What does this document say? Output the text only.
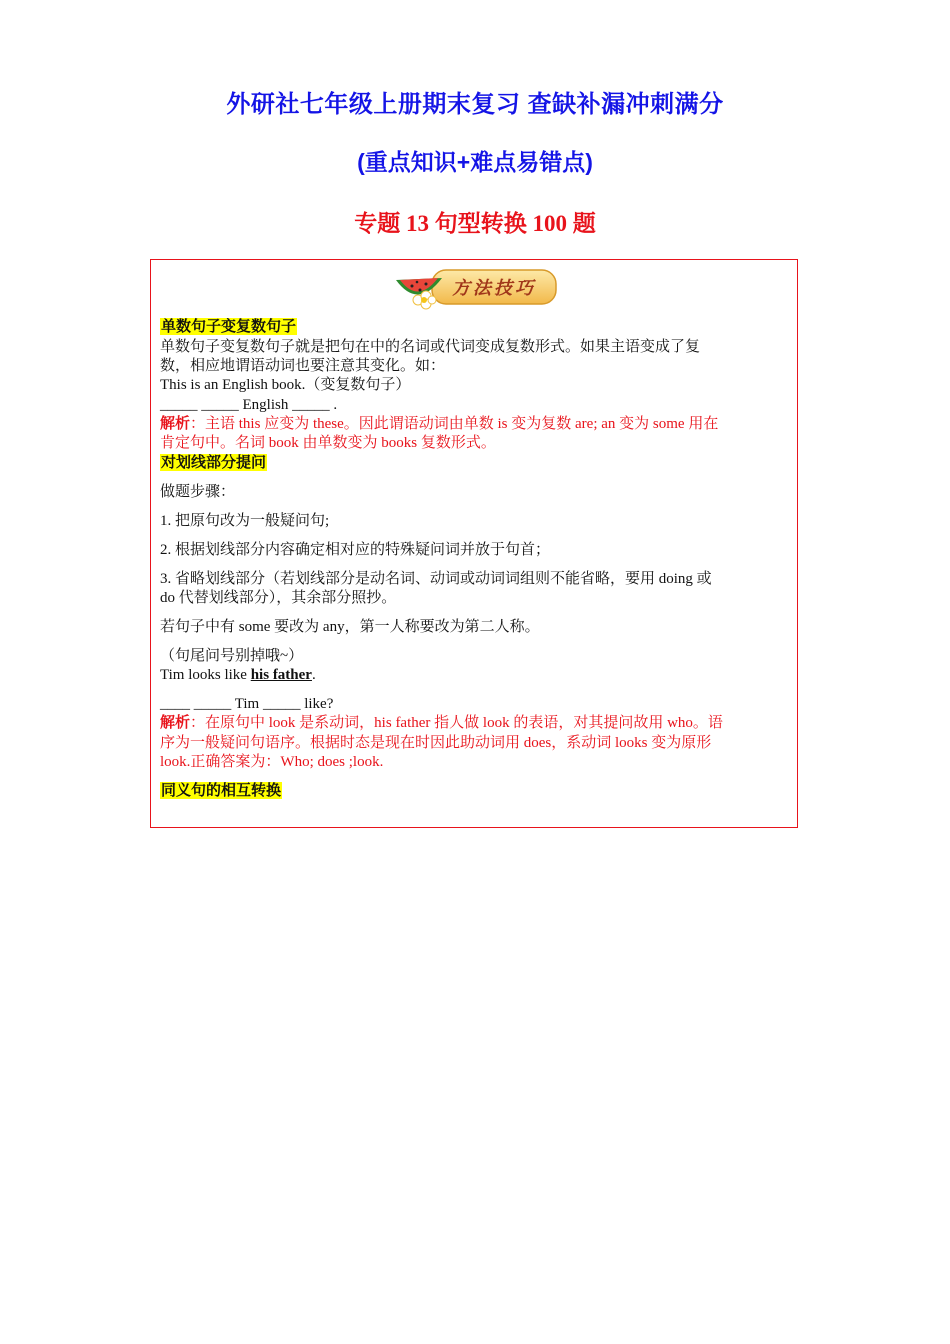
外研社七年级上册期末复习 查缺补漏冲刺满分
(重点知识+难点易错点)
专题 13 句型转换 100 题
方法技巧
单数句子变复数句子
单数句子变复数句子就是把句在中的名词或代词变成复数形式。如果主语变成了复
数，相应地谓语动词也要注意其变化。如：
This is an English book.（变复数句子）
_____ _____ English _____ .
解析：主语 this 应变为 these。因此谓语动词由单数 is 变为复数 are; an 变为 some 用在
肯定句中。名词 book 由单数变为 books 复数形式。
对划线部分提问
做题步骤：
1. 把原句改为一般疑问句;
2. 根据划线部分内容确定相对应的特殊疑问词并放于句首；
3. 省略划线部分（若划线部分是动名词、动词或动词词组则不能省略，要用 doing 或
do 代替划线部分），其余部分照抄。
若句子中有 some 要改为 any，第一人称要改为第二人称。
（句尾问号别掉哦~）
Tim looks like his father.
____ _____ Tim _____ like?
解析：在原句中 look 是系动词，his father 指人做 look 的表语，对其提问故用 who。语
序为一般疑问句语序。根据时态是现在时因此助动词用 does，系动词 looks 变为原形
look.正确答案为：Who; does ;look.
同义句的相互转换
